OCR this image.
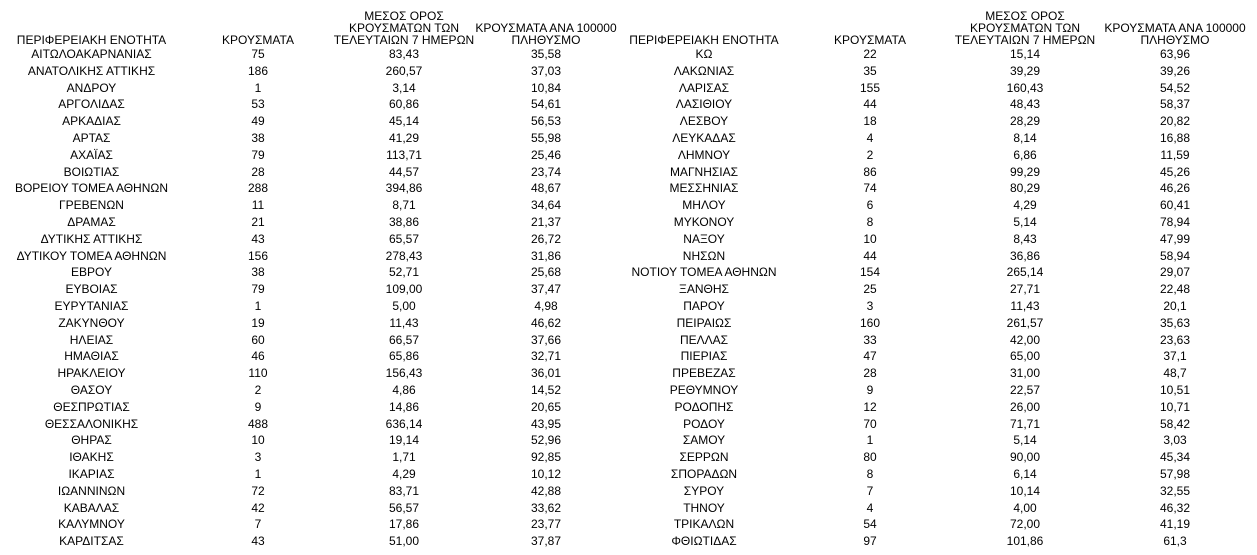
ΠΕΡΙΦΕΡΕΙΑΚΗ ΕΝΟΤΗΤΑ	ΚΡΟΥΣΜΑΤΑ	ΜΕΣΟΣ ΟΡΟΣ
ΚΡΟΥΣΜΑΤΩΝ ΤΩΝ
ΤΕΛΕΥΤΑΙΩΝ 7 ΗΜΕΡΩΝ	ΚΡΟΥΣΜΑΤΑ ΑΝΑ 100000
ΠΛΗΘΥΣΜΟ

ΑΙΤΩΛΟΑΚΑΡΝΑΝΙΑΣ	75	83,43	35,58
ΑΝΑΤΟΛΙΚΗΣ ΑΤΤΙΚΗΣ	186	260,57	37,03
ΑΝΔΡΟΥ	1	3,14	10,84
ΑΡΓΟΛΙΔΑΣ	53	60,86	54,61
ΑΡΚΑΔΙΑΣ	49	45,14	56,53
ΑΡΤΑΣ	38	41,29	55,98
ΑΧΑΪΑΣ	79	113,71	25,46
ΒΟΙΩΤΙΑΣ	28	44,57	23,74
ΒΟΡΕΙΟΥ ΤΟΜΕΑ ΑΘΗΝΩΝ	288	394,86	48,67
ΓΡΕΒΕΝΩΝ	11	8,71	34,64
ΔΡΑΜΑΣ	21	38,86	21,37
ΔΥΤΙΚΗΣ ΑΤΤΙΚΗΣ	43	65,57	26,72
ΔΥΤΙΚΟΥ ΤΟΜΕΑ ΑΘΗΝΩΝ	156	278,43	31,86
ΕΒΡΟΥ	38	52,71	25,68
ΕΥΒΟΙΑΣ	79	109,00	37,47
ΕΥΡΥΤΑΝΙΑΣ	1	5,00	4,98
ΖΑΚΥΝΘΟΥ	19	11,43	46,62
ΗΛΕΙΑΣ	60	66,57	37,66
ΗΜΑΘΙΑΣ	46	65,86	32,71
ΗΡΑΚΛΕΙΟΥ	110	156,43	36,01
ΘΑΣΟΥ	2	4,86	14,52
ΘΕΣΠΡΩΤΙΑΣ	9	14,86	20,65
ΘΕΣΣΑΛΟΝΙΚΗΣ	488	636,14	43,95
ΘΗΡΑΣ	10	19,14	52,96
ΙΘΑΚΗΣ	3	1,71	92,85
ΙΚΑΡΙΑΣ	1	4,29	10,12
ΙΩΑΝΝΙΝΩΝ	72	83,71	42,88
ΚΑΒΑΛΑΣ	42	56,57	33,62
ΚΑΛΥΜΝΟΥ	7	17,86	23,77
ΚΑΡΔΙΤΣΑΣ	43	51,00	37,87
ΠΕΡΙΦΕΡΕΙΑΚΗ ΕΝΟΤΗΤΑ	ΚΡΟΥΣΜΑΤΑ	ΜΕΣΟΣ ΟΡΟΣ
ΚΡΟΥΣΜΑΤΩΝ ΤΩΝ
ΤΕΛΕΥΤΑΙΩΝ 7 ΗΜΕΡΩΝ	ΚΡΟΥΣΜΑΤΑ ΑΝΑ 100000
ΠΛΗΘΥΣΜΟ

ΚΩ	22	15,14	63,96
ΛΑΚΩΝΙΑΣ	35	39,29	39,26
ΛΑΡΙΣΑΣ	155	160,43	54,52
ΛΑΣΙΘΙΟΥ	44	48,43	58,37
ΛΕΣΒΟΥ	18	28,29	20,82
ΛΕΥΚΑΔΑΣ	4	8,14	16,88
ΛΗΜΝΟΥ	2	6,86	11,59
ΜΑΓΝΗΣΙΑΣ	86	99,29	45,26
ΜΕΣΣΗΝΙΑΣ	74	80,29	46,26
ΜΗΛΟΥ	6	4,29	60,41
ΜΥΚΟΝΟΥ	8	5,14	78,94
ΝΑΞΟΥ	10	8,43	47,99
ΝΗΣΩΝ	44	36,86	58,94
ΝΟΤΙΟΥ ΤΟΜΕΑ ΑΘΗΝΩΝ	154	265,14	29,07
ΞΑΝΘΗΣ	25	27,71	22,48
ΠΑΡΟΥ	3	11,43	20,1
ΠΕΙΡΑΙΩΣ	160	261,57	35,63
ΠΕΛΛΑΣ	33	42,00	23,63
ΠΙΕΡΙΑΣ	47	65,00	37,1
ΠΡΕΒΕΖΑΣ	28	31,00	48,7
ΡΕΘΥΜΝΟΥ	9	22,57	10,51
ΡΟΔΟΠΗΣ	12	26,00	10,71
ΡΟΔΟΥ	70	71,71	58,42
ΣΑΜΟΥ	1	5,14	3,03
ΣΕΡΡΩΝ	80	90,00	45,34
ΣΠΟΡΑΔΩΝ	8	6,14	57,98
ΣΥΡΟΥ	7	10,14	32,55
ΤΗΝΟΥ	4	4,00	46,32
ΤΡΙΚΑΛΩΝ	54	72,00	41,19
ΦΘΙΩΤΙΔΑΣ	97	101,86	61,3
